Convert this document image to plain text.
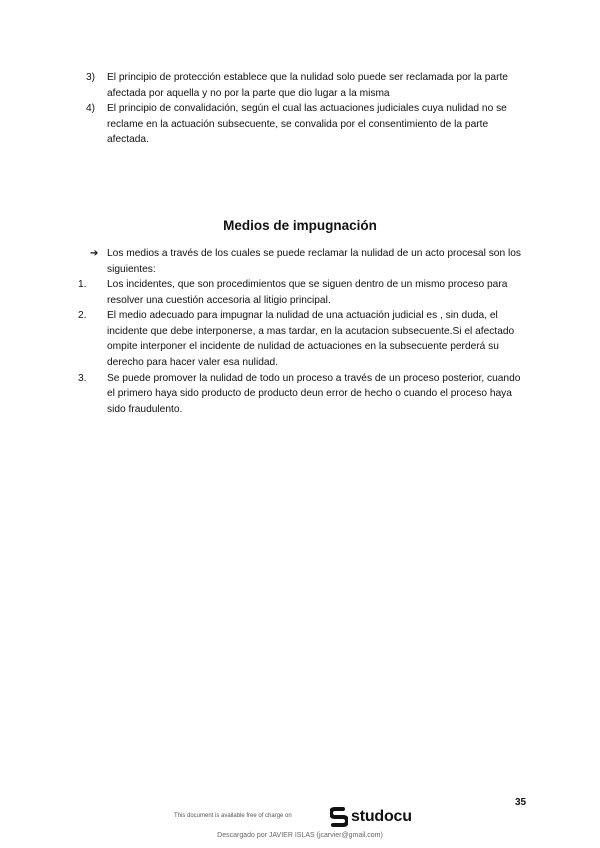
3) El principio de protección establece que la nulidad solo puede ser reclamada por la parte afectada por aquella y no por la parte que dio lugar a la misma
4) El principio de convalidación, según el cual las actuaciones judiciales cuya nulidad no se reclame en la actuación subsecuente, se convalida por el consentimiento de la parte afectada.
Medios de impugnación
➔ Los medios a través de los cuales se puede reclamar la nulidad de un acto procesal son los siguientes:
1. Los incidentes, que son procedimientos que se siguen dentro de un mismo proceso para resolver una cuestión accesoria al litigio principal.
2. El medio adecuado para impugnar la nulidad de una actuación judicial es , sin duda, el incidente que debe interponerse, a mas tardar, en la acutacion subsecuente.Si el afectado ompite interponer el incidente de nulidad de actuaciones en la subsecuente perderá su derecho para hacer valer esa nulidad.
3. Se puede promover la nulidad de todo un proceso a través de un proceso posterior, cuando el primero haya sido producto de producto deun error de hecho o cuando el proceso haya sido fraudulento.
35
This document is available free of charge on	studocu
Descargado por JAVIER ISLAS (jcarvier@gmail.com)
